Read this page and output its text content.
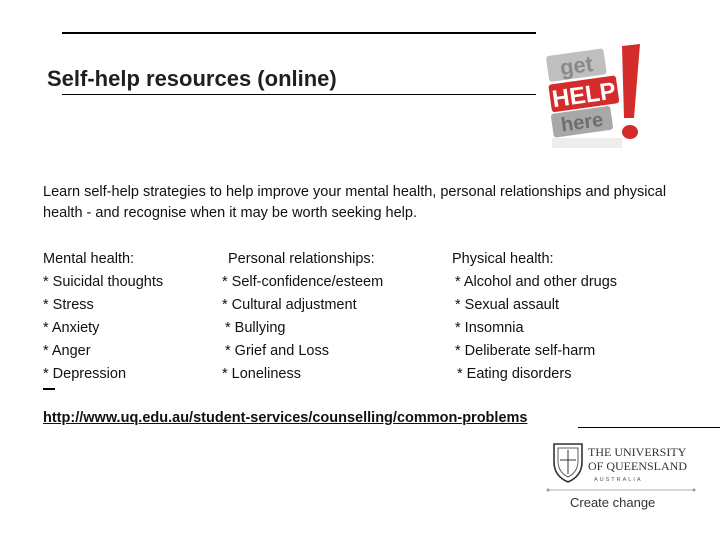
Self-help resources (online)	get
HELP
here
Learn self-help strategies to help improve your mental health, personal relationships and physical health - and recognise when it may be worth seeking help.
Mental health:
* Suicidal thoughts
* Stress
* Anxiety
* Anger
* Depression
Personal relationships:
* Self-confidence/esteem
* Cultural adjustment
* Bullying
* Grief and Loss
* Loneliness
Physical health:
* Alcohol and other drugs
* Sexual assault
* Insomnia
* Deliberate self-harm
* Eating disorders
http://www.uq.edu.au/student-services/counselling/common-problems
THE UNIVERSITY
OF QUEENSLAND
AUSTRALIA
Create change
